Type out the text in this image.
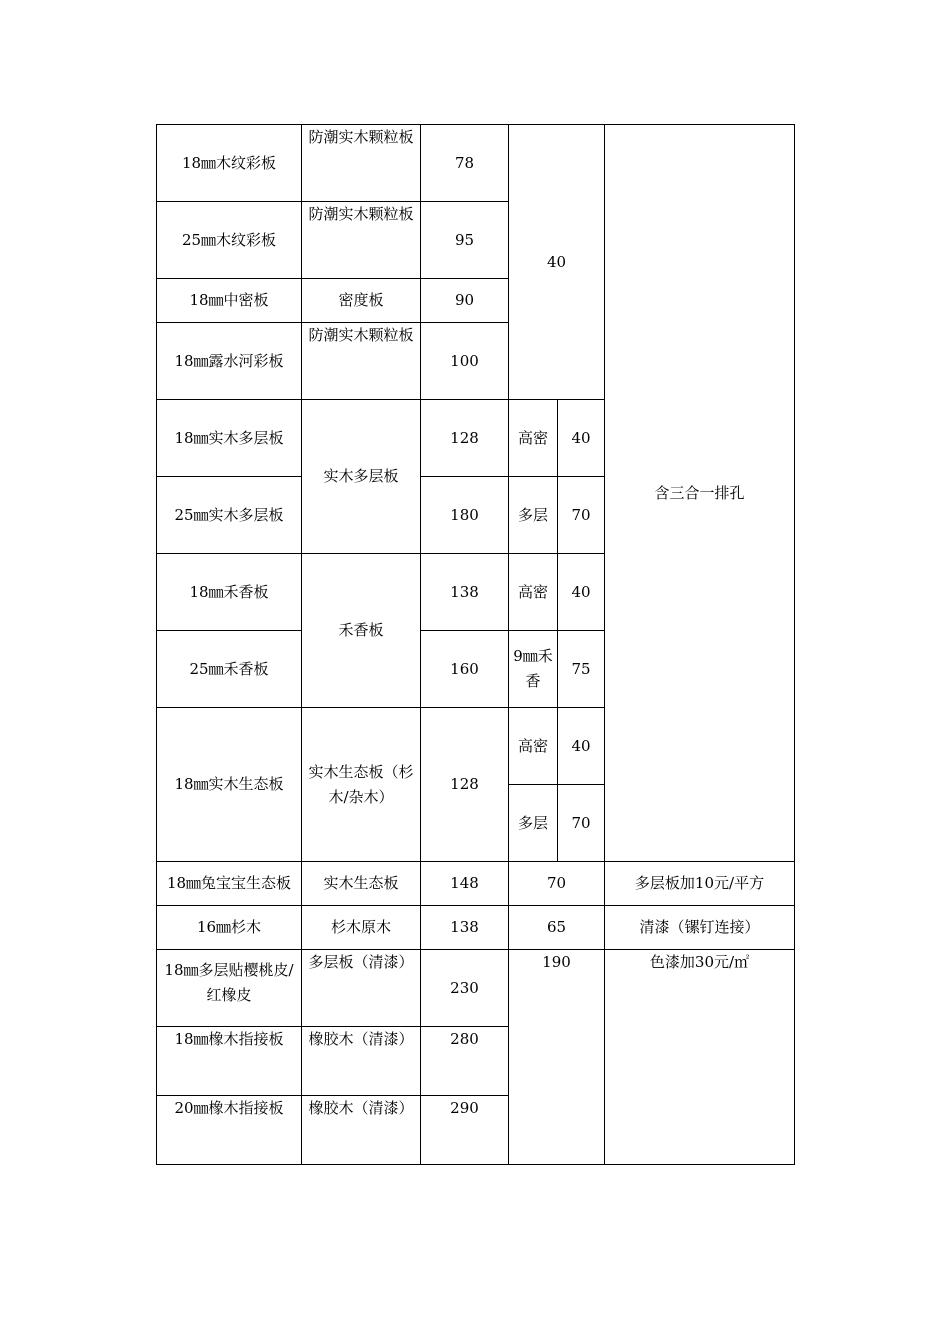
18㎜木纹彩板	防潮实木颗粒板	78	40		含三合一排孔
25㎜木纹彩板	防潮实木颗粒板	95			
18㎜中密板	密度板	90			
18㎜露水河彩板	防潮实木颗粒板	100			
18㎜实木多层板	实木多层板	128	高密	40	
25㎜实木多层板		180	多层	70	
18㎜禾香板	禾香板	138	高密	40	
25㎜禾香板		160	9㎜禾香	75	
18㎜实木生态板	实木生态板（杉木/杂木）	128	高密	40	
			多层	70	
18㎜兔宝宝生态板	实木生态板	148	70		多层板加10元/平方
16㎜杉木	杉木原木	138	65		清漆（镙钉连接）
18㎜多层贴樱桃皮/红橡皮	多层板（清漆）	230	190		色漆加30元/㎡
18㎜橡木指接板	橡胶木（清漆）	280			
20㎜橡木指接板	橡胶木（清漆）	290			
